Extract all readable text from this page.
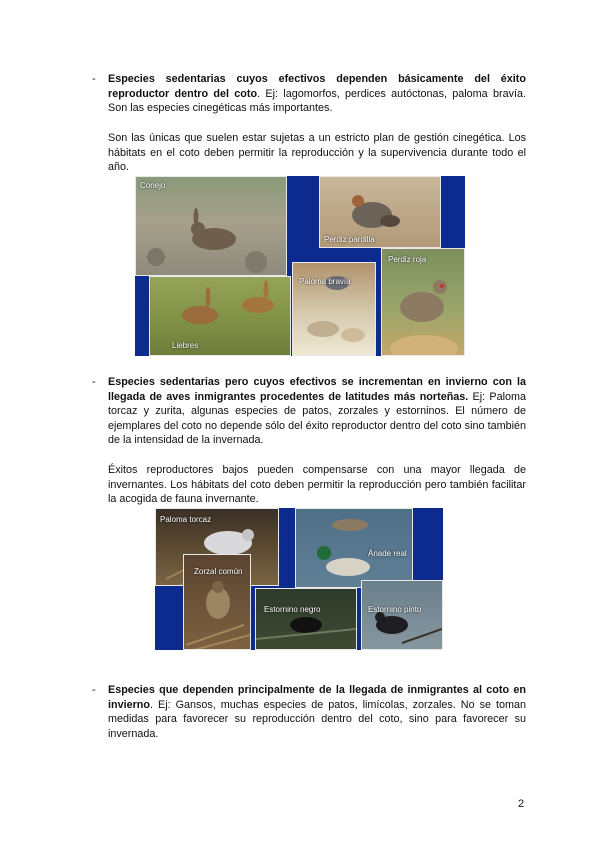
- Especies sedentarias cuyos efectivos dependen básicamente del éxito reproductor dentro del coto. Ej: lagomorfos, perdices autóctonas, paloma bravía. Son las especies cinegéticas más importantes.
Son las únicas que suelen estar sujetas a un estricto plan de gestión cinegética. Los hábitats en el coto deben permitir la reproducción y la supervivencia durante todo el año.
Conejo
Perdiz pardilla
Perdiz roja
Paloma bravía
Liebres
- Especies sedentarias pero cuyos efectivos se incrementan en invierno con la llegada de aves inmigrantes procedentes de latitudes más norteñas. Ej: Paloma torcaz y zurita, algunas especies de patos, zorzales y estorninos. El número de ejemplares del coto no depende sólo del éxito reproductor dentro del coto sino también de la intensidad de la invernada.
Éxitos reproductores bajos pueden compensarse con una mayor llegada de invernantes. Los hábitats del coto deben permitir la reproducción pero también facilitar la acogida de fauna invernante.
Paloma torcaz
Ánade real
Zorzal común
Estornino negro	Estornino pinto
- Especies que dependen principalmente de la llegada de inmigrantes al coto en invierno. Ej: Gansos, muchas especies de patos, limícolas, zorzales. No se toman medidas para favorecer su reproducción dentro del coto, sino para favorecer su invernada.
2
